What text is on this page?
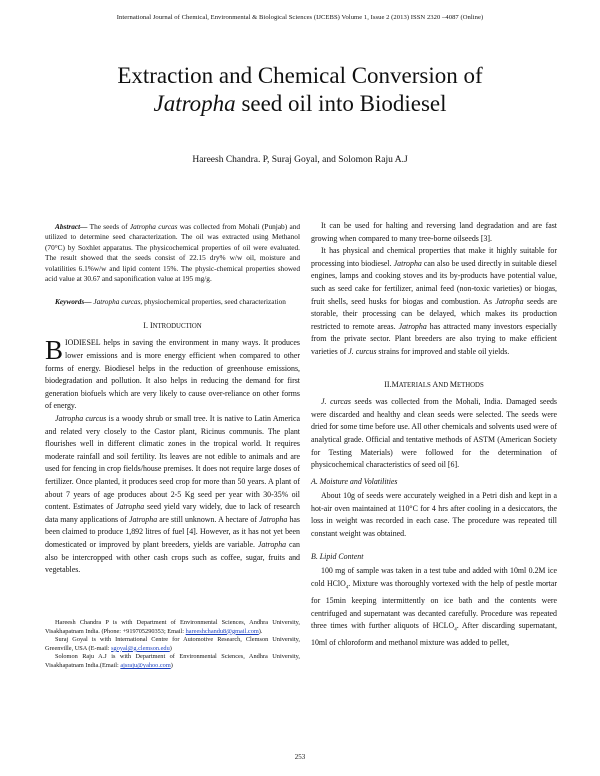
International Journal of Chemical, Environmental & Biological Sciences (IJCEBS) Volume 1, Issue 2 (2013) ISSN 2320 –4087 (Online)
Extraction and Chemical Conversion of
Jatropha seed oil into Biodiesel
Hareesh Chandra. P, Suraj Goyal, and Solomon Raju A.J

Abstract— The seeds of Jatropha curcas was collected from Mohali (Punjab) and utilized to determine seed characterization. The oil was extracted using Methanol (70°C) by Soxhlet apparatus. The physicochemical properties of oil were evaluated. The result showed that the seeds consist of 22.15 dry% w/w oil, moisture and volatilities 6.1%w/w and lipid content 15%. The physic-chemical properties showed acid value at 30.67 and saponification value at 195 mg/g.

Keywords— Jatropha curcas, physiochemical properties, seed characterization

I. INTRODUCTION

BIODIESEL helps in saving the environment in many ways. It produces lower emissions and is more energy efficient when compared to other forms of energy. Biodiesel helps in the reduction of greenhouse emissions, biodegradation and pollution. It also helps in reducing the demand for first generation biofuels which are very likely to cause over-reliance on other forms of energy.

Jatropha curcus is a woody shrub or small tree. It is native to Latin America and related very closely to the Castor plant, Ricinus communis. The plant flourishes well in different climatic zones in the tropical world. It requires moderate rainfall and soil fertility. Its leaves are not edible to animals and are used for fencing in crop fields/house premises. It does not require large doses of fertilizer. Once planted, it produces seed crop for more than 50 years. A plant of about 7 years of age produces about 2-5 Kg seed per year with 30-35% oil content. Estimates of Jatropha seed yield vary widely, due to lack of research data many applications of Jatropha are still unknown. A hectare of Jatropha has been claimed to produce 1,892 litres of fuel [4]. However, as it has not yet been domesticated or improved by plant breeders, yields are variable. Jatropha can also be intercropped with other cash crops such as coffee, sugar, fruits and vegetables.

Hareesh Chandra P is with Department of Environmental Sciences, Andhra University, Visakhapatnam India. (Phone: +919705290353; Email: hareeshchandu8@gmail.com).

Suraj Goyal is with International Centre for Automotive Research, Clemson University, Greenville, USA (E-mail: sgoyal@g.clemson.edu)

Solomon Raju A.J is with Department of Environmental Sciences, Andhra University, Visakhapatnam India.(Email: ajsraju@yahoo.com)

It can be used for halting and reversing land degradation and are fast growing when compared to many tree-borne oilseeds [3].

It has physical and chemical properties that make it highly suitable for processing into biodiesel. Jatropha can also be used directly in suitable diesel engines, lamps and cooking stoves and its by-products have potential value, such as seed cake for fertilizer, animal feed (non-toxic varieties) or biogas, fruit shells, seed husks for biogas and combustion. As Jatropha seeds are storable, their processing can be delayed, which makes its production restricted to remote areas. Jatropha has attracted many investors especially from the private sector. Plant breeders are also trying to make efficient varieties of J. curcus strains for improved and stable oil yields.

II.MATERIALS AND METHODS

J. curcas seeds was collected from the Mohali, India. Damaged seeds were discarded and healthy and clean seeds were selected. The seeds were dried for some time before use. All other chemicals and solvents used were of analytical grade. Official and tentative methods of ASTM (American Society for Testing Materials) were followed for the determination of physicochemical characteristics of seed oil [6].

A. Moisture and Volatilities

About 10g of seeds were accurately weighed in a Petri dish and kept in a hot-air oven maintained at 110°C for 4 hrs after cooling in a desiccators, the loss in weight was recorded in each case. The procedure was repeated till constant weight was obtained.

B. Lipid Content

100 mg of sample was taken in a test tube and added with 10ml 0.2M ice cold HClO$_4$. Mixture was thoroughly vortexed with the help of pestle mortar for 15min keeping intermittently on ice bath and the contents were centrifuged and supernatant was decanted carefully. Procedure was repeated three times with further aliquots of $HCLO_4$. After discarding supernatant, 10ml of chloroform and methanol mixture was added to pellet,

253
